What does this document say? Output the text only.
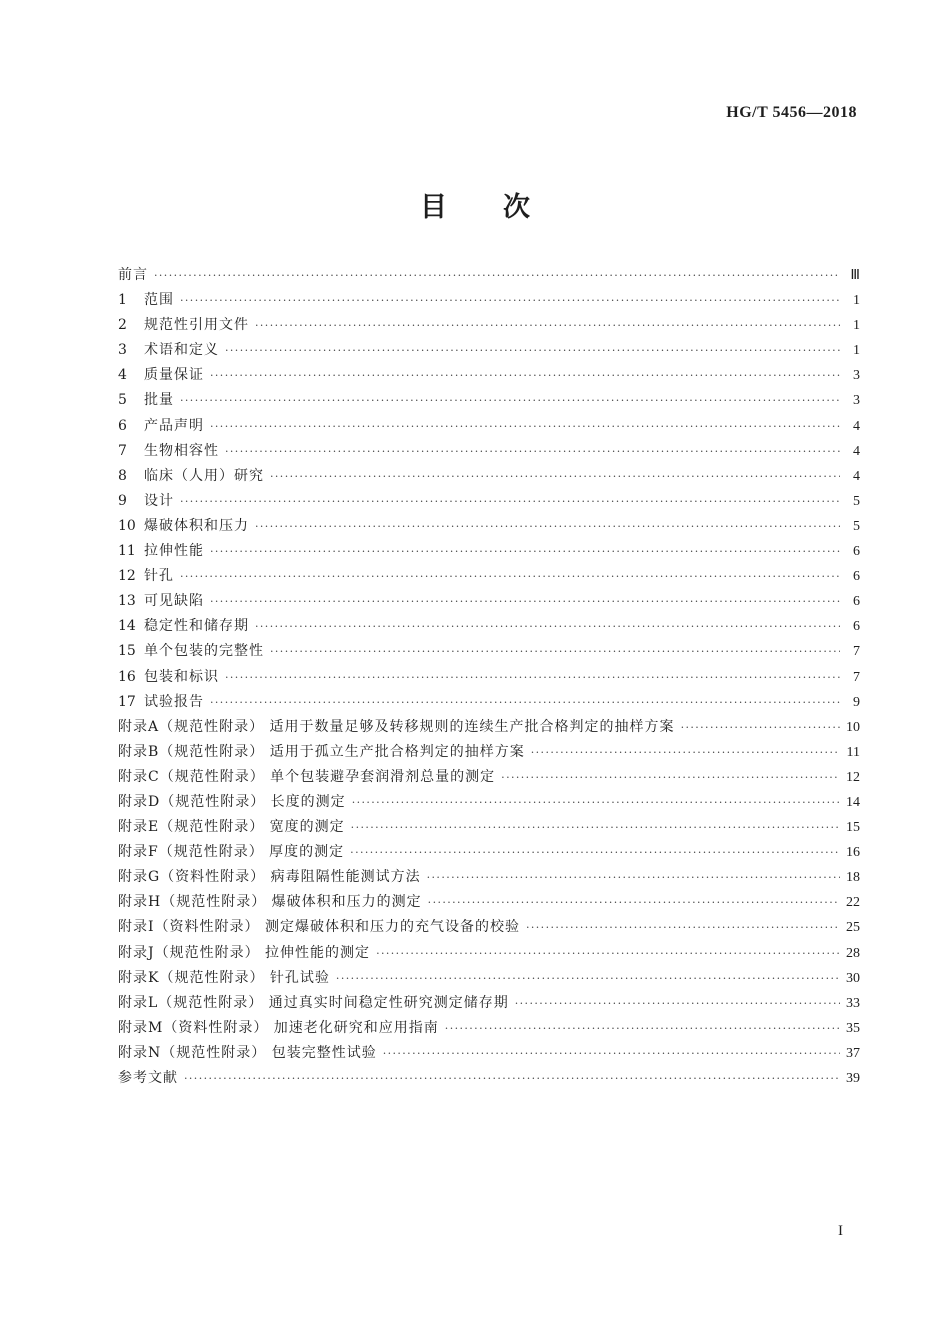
HG/T 5456—2018
目次
前言 ·····	Ⅲ
1	范围 ·····	1
2	规范性引用文件 ·····	1
3	术语和定义 ·····	1
4	质量保证 ·····	3
5	批量 ·····	3
6	产品声明 ·····	4
7	生物相容性 ·····	4
8	临床（人用）研究 ·····	4
9	设计 ·····	5
10 爆破体积和压力 ·····	5
11 拉伸性能 ·····	6
12 针孔 ·····	6
13 可见缺陷 ·····	6
14 稳定性和储存期 ·····	6
15 单个包装的完整性 ·····	7
16 包装和标识 ·····	7
17 试验报告 ·····	9
附录A（规范性附录） 适用于数量足够及转移规则的连续生产批合格判定的抽样方案 ·····	10
附录B（规范性附录） 适用于孤立生产批合格判定的抽样方案 ·····	11
附录C（规范性附录） 单个包装避孕套润滑剂总量的测定 ·····	12
附录D（规范性附录） 长度的测定 ·····	14
附录E（规范性附录） 宽度的测定 ·····	15
附录F（规范性附录） 厚度的测定 ·····	16
附录G（资料性附录） 病毒阻隔性能测试方法 ·····	18
附录H（规范性附录） 爆破体积和压力的测定 ·····	22
附录I（资料性附录） 测定爆破体积和压力的充气设备的校验 ·····	25
附录J（规范性附录） 拉伸性能的测定 ·····	28
附录K（规范性附录） 针孔试验 ·····	30
附录L（规范性附录） 通过真实时间稳定性研究测定储存期 ·····	33
附录M（资料性附录） 加速老化研究和应用指南 ·····	35
附录N（规范性附录） 包装完整性试验 ·····	37
参考文献 ·····	39
I
